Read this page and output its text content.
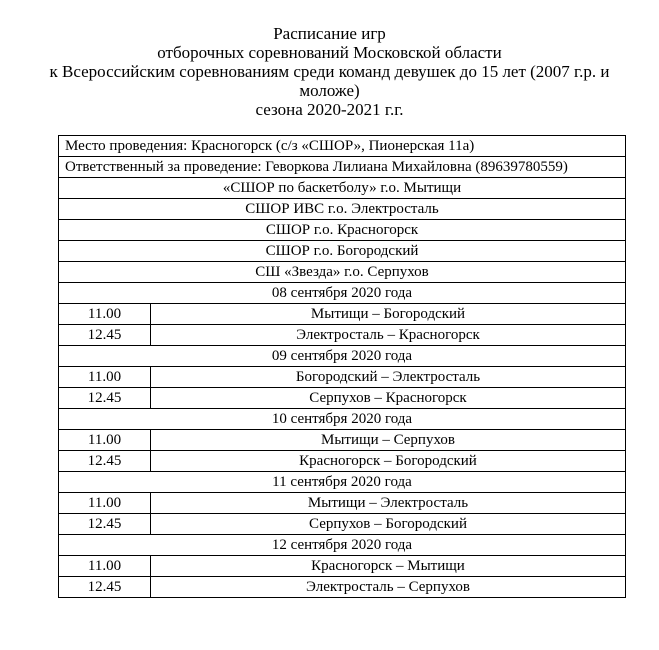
Расписание игр
отборочных соревнований Московской области
к Всероссийским соревнованиям среди команд девушек до 15 лет (2007 г.р. и
моложе)
сезона 2020-2021 г.г.
Место проведения: Красногорск (с/з «СШОР», Пионерская 11а)	
Ответственный за проведение: Геворкова Лилиана Михайловна (89639780559)	
«СШОР по баскетболу» г.о. Мытищи	
СШОР ИВС г.о. Электросталь	
СШОР г.о. Красногорск	
СШОР г.о. Богородский	
СШ «Звезда» г.о. Серпухов	
08 сентября 2020 года	
11.00	Мытищи – Богородский
12.45	Электросталь – Красногорск
09 сентября 2020 года	
11.00	Богородский – Электросталь
12.45	Серпухов – Красногорск
10 сентября 2020 года	
11.00	Мытищи – Серпухов
12.45	Красногорск – Богородский
11 сентября 2020 года	
11.00	Мытищи – Электросталь
12.45	Серпухов – Богородский
12 сентября 2020 года	
11.00	Красногорск – Мытищи
12.45	Электросталь – Серпухов
